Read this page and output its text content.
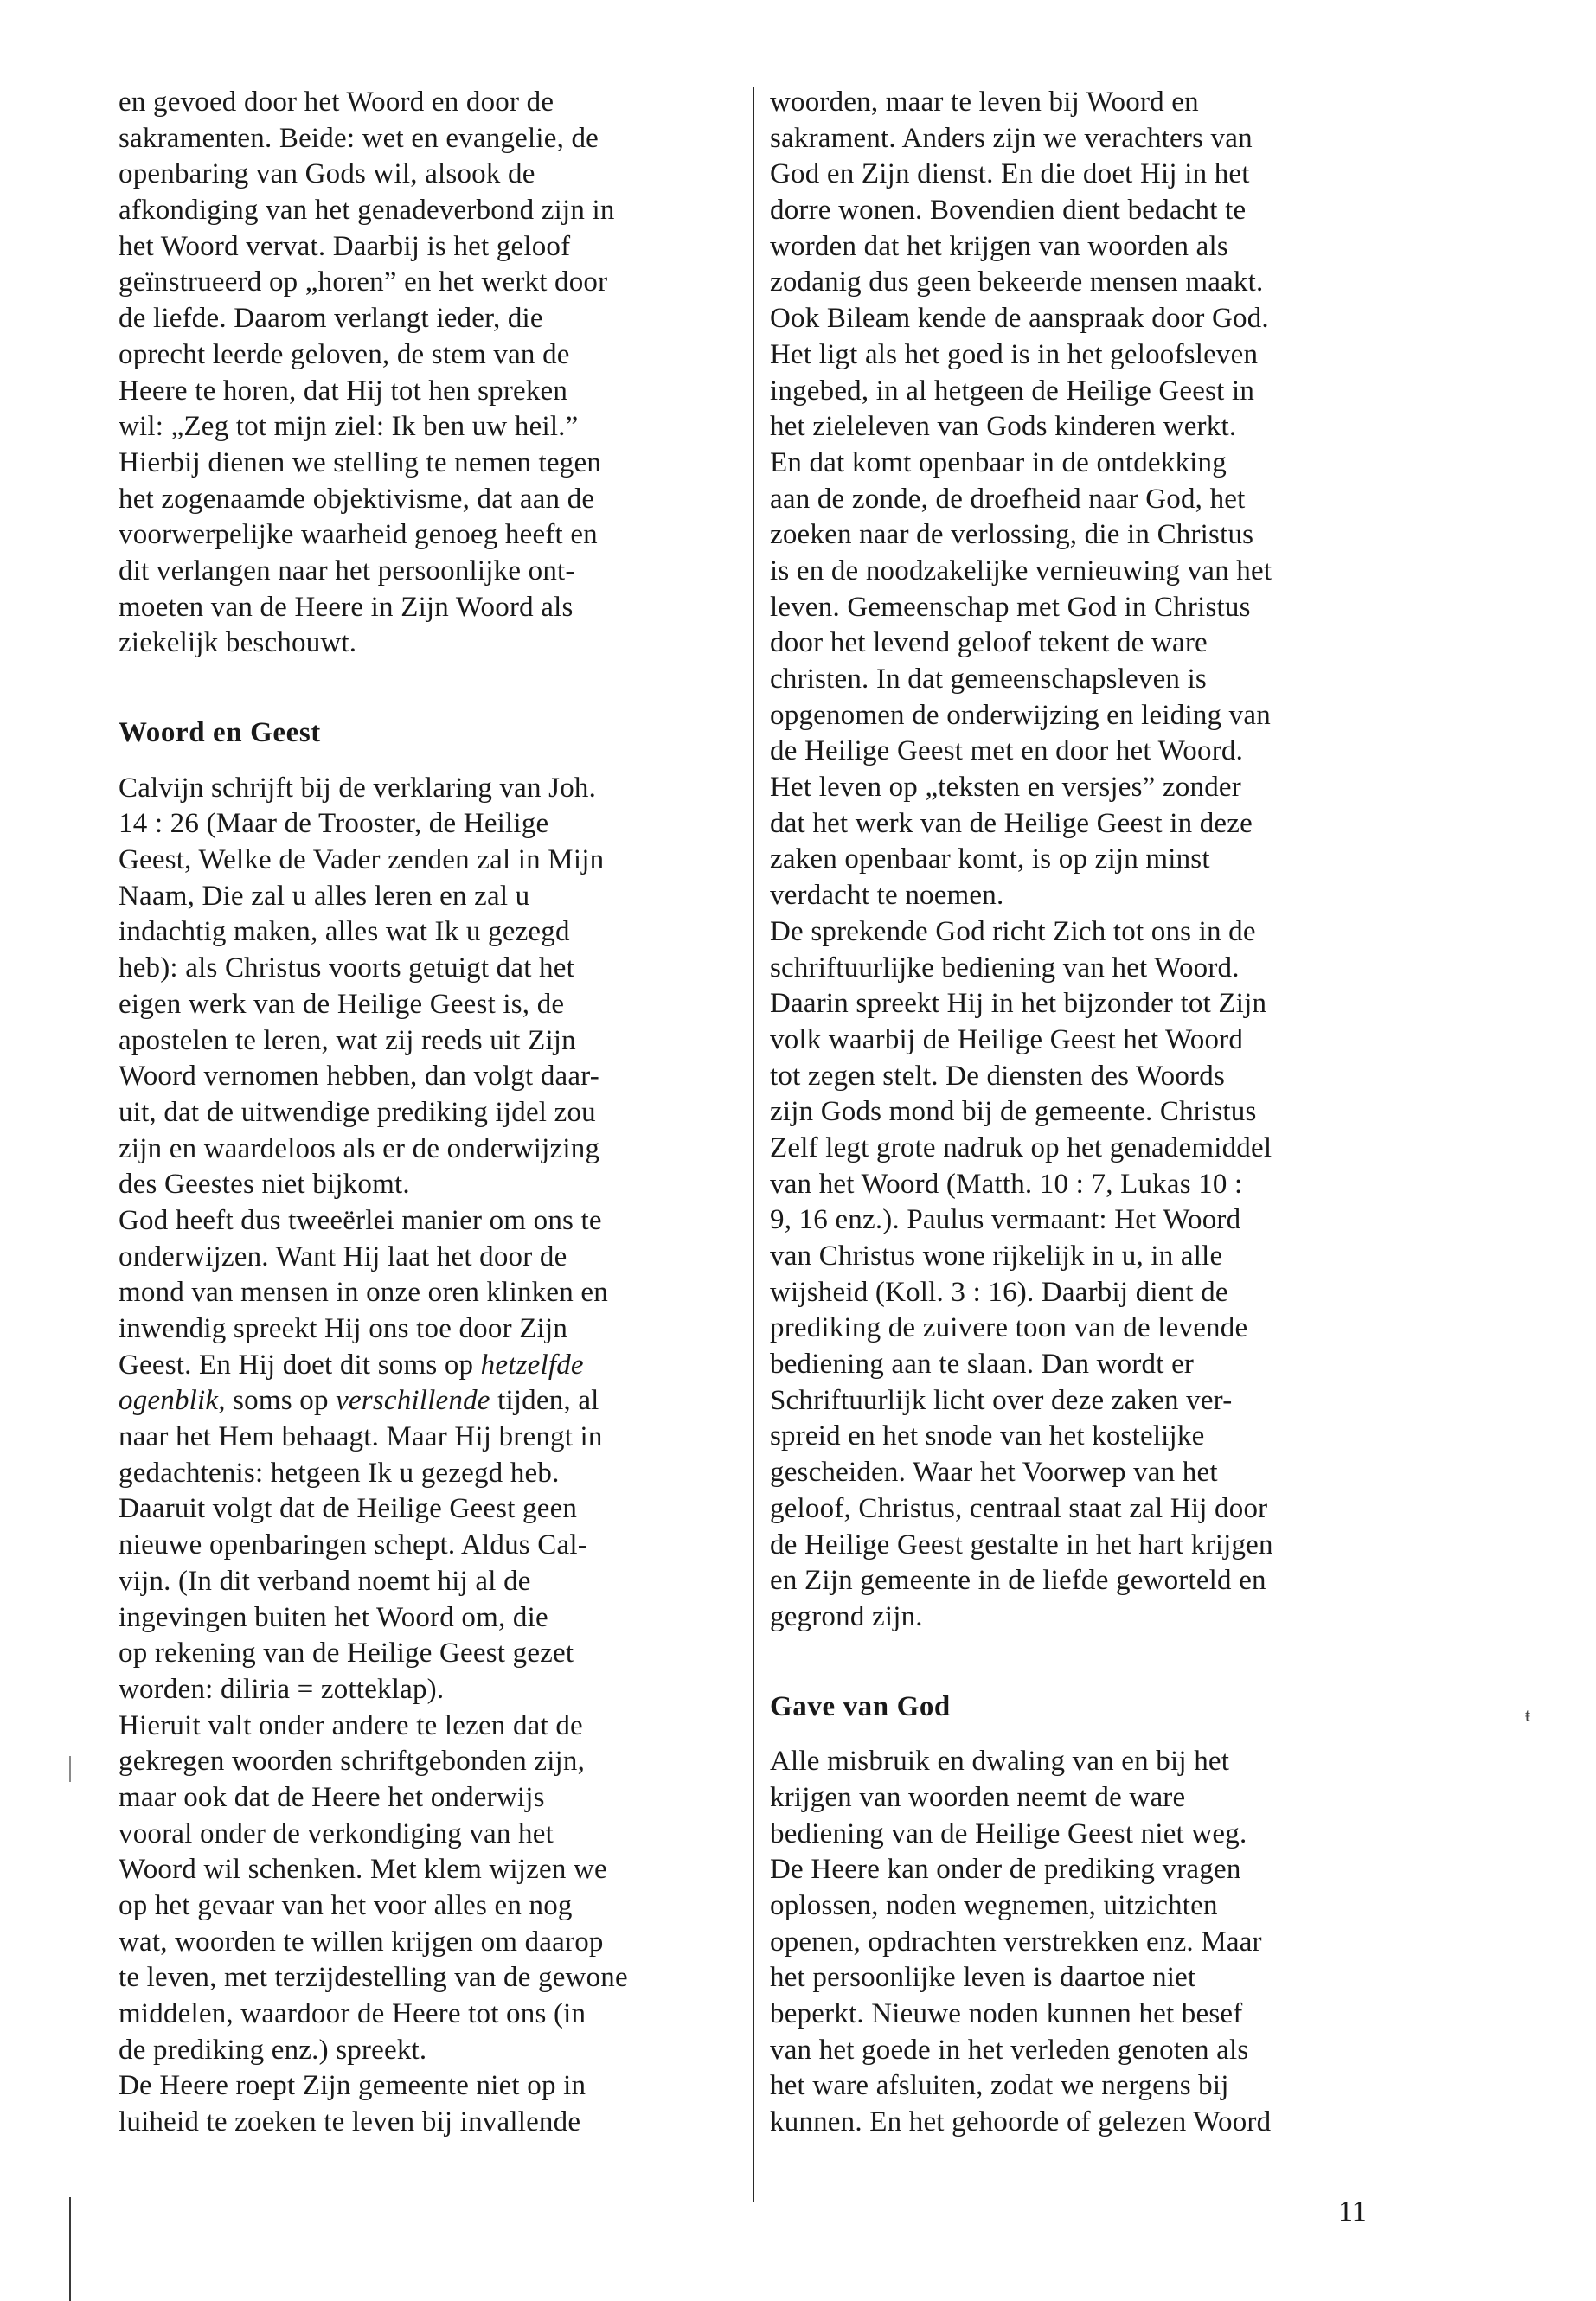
en gevoed door het Woord en door de
sakramenten. Beide: wet en evangelie, de
openbaring van Gods wil, alsook de
afkondiging van het genadeverbond zijn in
het Woord vervat. Daarbij is het geloof
geïnstrueerd op „horen” en het werkt door
de liefde. Daarom verlangt ieder, die
oprecht leerde geloven, de stem van de
Heere te horen, dat Hij tot hen spreken
wil: „Zeg tot mijn ziel: Ik ben uw heil.”
Hierbij dienen we stelling te nemen tegen
het zogenaamde objektivisme, dat aan de
voorwerpelijke waarheid genoeg heeft en
dit verlangen naar het persoonlijke ont-
moeten van de Heere in Zijn Woord als
ziekelijk beschouwt.
Woord en Geest
Calvijn schrijft bij de verklaring van Joh.
14 : 26 (Maar de Trooster, de Heilige
Geest, Welke de Vader zenden zal in Mijn
Naam, Die zal u alles leren en zal u
indachtig maken, alles wat Ik u gezegd
heb): als Christus voorts getuigt dat het
eigen werk van de Heilige Geest is, de
apostelen te leren, wat zij reeds uit Zijn
Woord vernomen hebben, dan volgt daar-
uit, dat de uitwendige prediking ijdel zou
zijn en waardeloos als er de onderwijzing
des Geestes niet bijkomt.
God heeft dus tweeërlei manier om ons te
onderwijzen. Want Hij laat het door de
mond van mensen in onze oren klinken en
inwendig spreekt Hij ons toe door Zijn
Geest. En Hij doet dit soms op hetzelfde
ogenblik, soms op verschillende tijden, al
naar het Hem behaagt. Maar Hij brengt in
gedachtenis: hetgeen Ik u gezegd heb.
Daaruit volgt dat de Heilige Geest geen
nieuwe openbaringen schept. Aldus Cal-
vijn. (In dit verband noemt hij al de
ingevingen buiten het Woord om, die
op rekening van de Heilige Geest gezet
worden: diliria = zotteklap).
Hieruit valt onder andere te lezen dat de
gekregen woorden schriftgebonden zijn,
maar ook dat de Heere het onderwijs
vooral onder de verkondiging van het
Woord wil schenken. Met klem wijzen we
op het gevaar van het voor alles en nog
wat, woorden te willen krijgen om daarop
te leven, met terzijdestelling van de gewone
middelen, waardoor de Heere tot ons (in
de prediking enz.) spreekt.
De Heere roept Zijn gemeente niet op in
luiheid te zoeken te leven bij invallende
woorden, maar te leven bij Woord en
sakrament. Anders zijn we verachters van
God en Zijn dienst. En die doet Hij in het
dorre wonen. Bovendien dient bedacht te
worden dat het krijgen van woorden als
zodanig dus geen bekeerde mensen maakt.
Ook Bileam kende de aanspraak door God.
Het ligt als het goed is in het geloofsleven
ingebed, in al hetgeen de Heilige Geest in
het zieleleven van Gods kinderen werkt.
En dat komt openbaar in de ontdekking
aan de zonde, de droefheid naar God, het
zoeken naar de verlossing, die in Christus
is en de noodzakelijke vernieuwing van het
leven. Gemeenschap met God in Christus
door het levend geloof tekent de ware
christen. In dat gemeenschapsleven is
opgenomen de onderwijzing en leiding van
de Heilige Geest met en door het Woord.
Het leven op „teksten en versjes” zonder
dat het werk van de Heilige Geest in deze
zaken openbaar komt, is op zijn minst
verdacht te noemen.
De sprekende God richt Zich tot ons in de
schriftuurlijke bediening van het Woord.
Daarin spreekt Hij in het bijzonder tot Zijn
volk waarbij de Heilige Geest het Woord
tot zegen stelt. De diensten des Woords
zijn Gods mond bij de gemeente. Christus
Zelf legt grote nadruk op het genademiddel
van het Woord (Matth. 10 : 7, Lukas 10 :
9, 16 enz.). Paulus vermaant: Het Woord
van Christus wone rijkelijk in u, in alle
wijsheid (Koll. 3 : 16). Daarbij dient de
prediking de zuivere toon van de levende
bediening aan te slaan. Dan wordt er
Schriftuurlijk licht over deze zaken ver-
spreid en het snode van het kostelijke
gescheiden. Waar het Voorwep van het
geloof, Christus, centraal staat zal Hij door
de Heilige Geest gestalte in het hart krijgen
en Zijn gemeente in de liefde geworteld en
gegrond zijn.
Gave van God
Alle misbruik en dwaling van en bij het
krijgen van woorden neemt de ware
bediening van de Heilige Geest niet weg.
De Heere kan onder de prediking vragen
oplossen, noden wegnemen, uitzichten
openen, opdrachten verstrekken enz. Maar
het persoonlijke leven is daartoe niet
beperkt. Nieuwe noden kunnen het besef
van het goede in het verleden genoten als
het ware afsluiten, zodat we nergens bij
kunnen. En het gehoorde of gelezen Woord
ŧ
11
